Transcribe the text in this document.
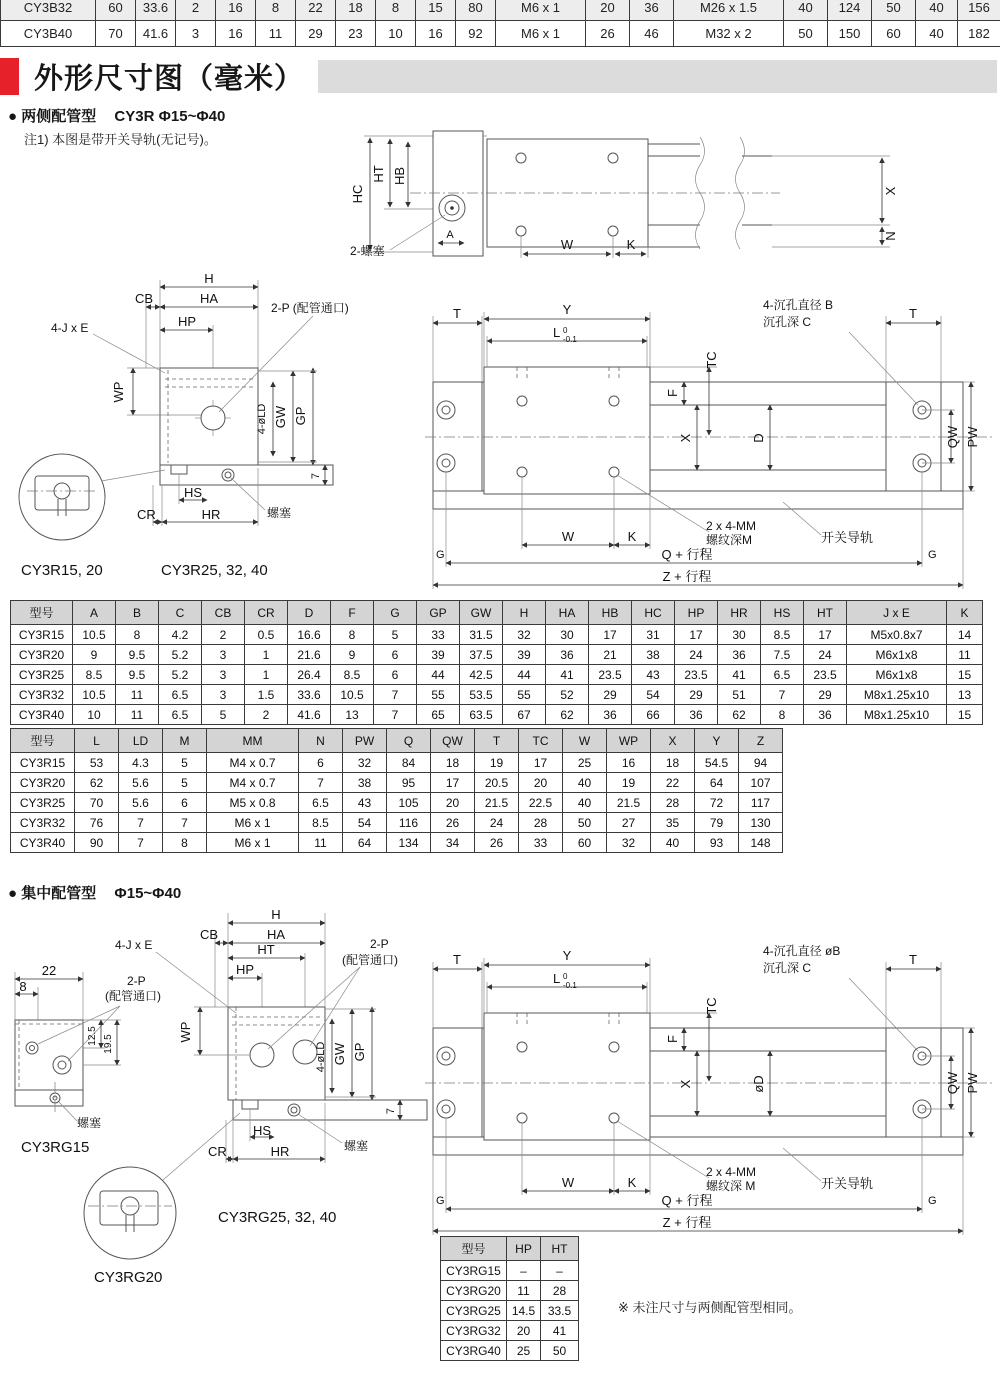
CY3B32	60	33.6	2	16	8	22	18	8	15	80	M6 x 1	20	36	M26 x 1.5	40	124	50	40	156
CY3B40	70	41.6	3	16	11	29	23	10	16	92	M6 x 1	26	46	M32 x 2	50	150	60	40	182
外形尺寸图（毫米）
● 两侧配管型 CY3R Φ15~Φ40
注1) 本图是带开关导轨(无记号)。
HC
HT HB
2-螺塞
A
W	K
X
N
H
CB	HA
HP
4-J x E
2-P (配管通口)
WP
4-øLD GW GP
HS
CR	HR
7
螺塞
CY3R15, 20	CY3R25, 32, 40
T	Y
L 0
-0.1
TC
F
X	D
4-沉孔直径 B
沉孔深 C
T
QW PW
W	K
2 x 4-MM
螺纹深M	开关导轨
G	G
Q + 行程
Z + 行程
型号	A	B	C	CB	CR	D	F	G	GP	GW	H	HA	HB	HC	HP	HR	HS	HT	J x E	K
CY3R15	10.5	8	4.2	2	0.5	16.6	8	5	33	31.5	32	30	17	31	17	30	8.5	17	M5x0.8x7	14
CY3R20	9	9.5	5.2	3	1	21.6	9	6	39	37.5	39	36	21	38	24	36	7.5	24	M6x1x8	11
CY3R25	8.5	9.5	5.2	3	1	26.4	8.5	6	44	42.5	44	41	23.5	43	23.5	41	6.5	23.5	M6x1x8	15
CY3R32	10.5	11	6.5	3	1.5	33.6	10.5	7	55	53.5	55	52	29	54	29	51	7	29	M8x1.25x10	13
CY3R40	10	11	6.5	5	2	41.6	13	7	65	63.5	67	62	36	66	36	62	8	36	M8x1.25x10	15
型号	L	LD	M	MM	N	PW	Q	QW	T	TC	W	WP	X	Y	Z
CY3R15	53	4.3	5	M4 x 0.7	6	32	84	18	19	17	25	16	18	54.5	94
CY3R20	62	5.6	5	M4 x 0.7	7	38	95	17	20.5	20	40	19	22	64	107
CY3R25	70	5.6	6	M5 x 0.8	6.5	43	105	20	21.5	22.5	40	21.5	28	72	117
CY3R32	76	7	7	M6 x 1	8.5	54	116	26	24	28	50	27	35	79	130
CY3R40	90	7	8	M6 x 1	11	64	134	34	26	33	60	32	40	93	148
● 集中配管型 Φ15~Φ40
22
8	2-P
(配管通口)
12.5 19.5
螺塞
CY3RG15
H
CB	HA
HT
HP
4-J x E	2-P
(配管通口)
WP
4-øLD GW GP
HS
CR	HR
7
螺塞
CY3RG25, 32, 40
CY3RG20
T	Y
L 0
-0.1
TC
F
X	øD
4-沉孔直径 øB
沉孔深 C
T
QW PW
W	K
2 x 4-MM
螺纹深 M	开关导轨
G	G
Q + 行程
Z + 行程
型号	HP	HT
CY3RG15	–	–
CY3RG20	11	28
CY3RG25	14.5	33.5
CY3RG32	20	41
CY3RG40	25	50
※ 未注尺寸与两侧配管型相同。
